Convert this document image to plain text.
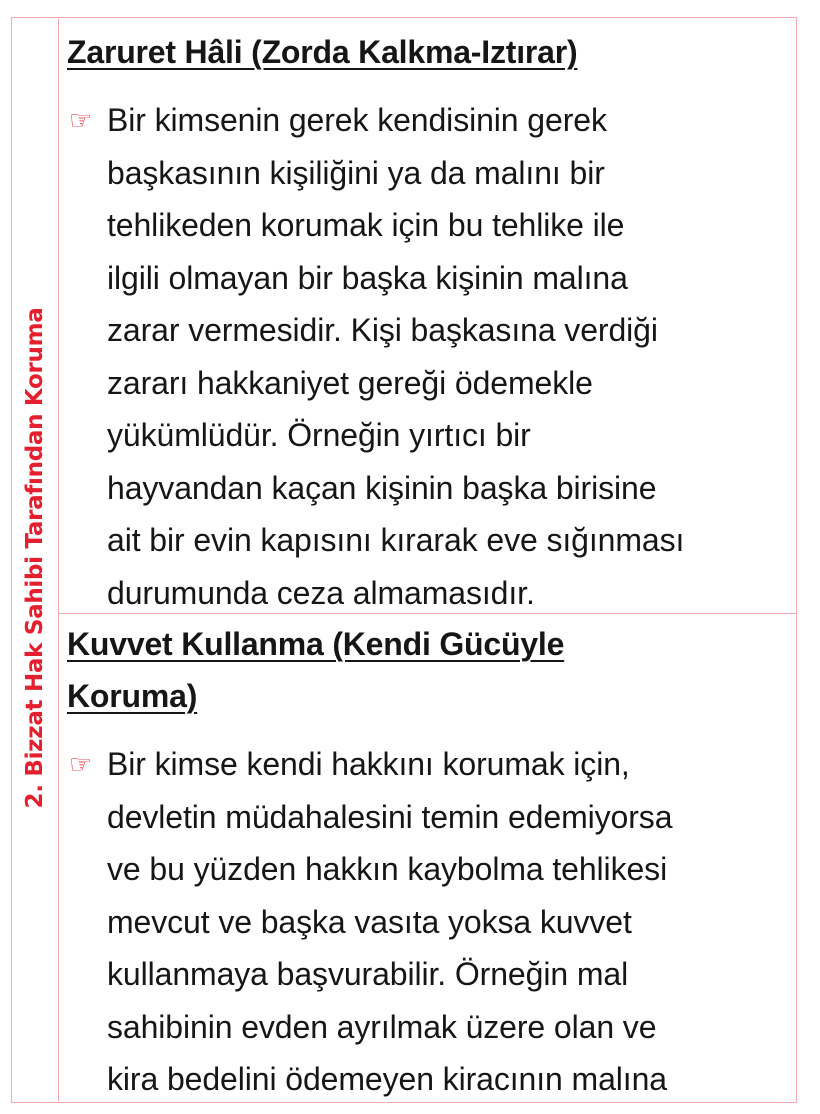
2. Bizzat Hak Sahibi Tarafından Koruma
Zaruret Hâli (Zorda Kalkma-Iztırar)
☞ Bir kimsenin gerek kendisinin gerek
başkasının kişiliğini ya da malını bir
tehlikeden korumak için bu tehlike ile
ilgili olmayan bir başka kişinin malına
zarar vermesidir. Kişi başkasına verdiği
zararı hakkaniyet gereği ödemekle
yükümlüdür. Örneğin yırtıcı bir
hayvandan kaçan kişinin başka birisine
ait bir evin kapısını kırarak eve sığınması
durumunda ceza almamasıdır.

Kuvvet Kullanma (Kendi Gücüyle
Koruma)
☞ Bir kimse kendi hakkını korumak için,
devletin müdahalesini temin edemiyorsa
ve bu yüzden hakkın kaybolma tehlikesi
mevcut ve başka vasıta yoksa kuvvet
kullanmaya başvurabilir. Örneğin mal
sahibinin evden ayrılmak üzere olan ve
kira bedelini ödemeyen kiracının malına
